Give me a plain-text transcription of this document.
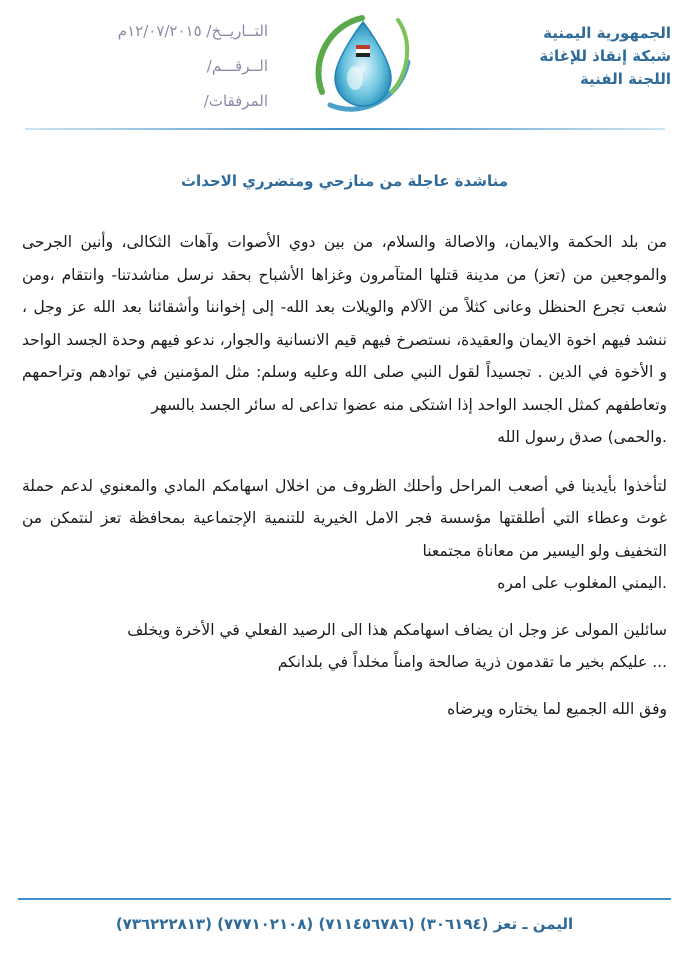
الجمهورية اليمنية
شبكة إنقاذ للإغاثة
اللجنة الفنية
التــاريــخ/ ١٢/٠٧/٢٠١٥م
الــرقـــم/
المرفقات/
مناشدة عاجلة من منازحي ومتضرري الاحداث

من بلد الحكمة والايمان، والاصالة والسلام، من بين دوي الأصوات وآهات الثكالى، وأنين الجرحى والموجعين من (تعز) من مدينة قتلها المتآمرون وغزاها الأشباح بحقد نرسل مناشدتنا- وانتقام ،ومن شعب تجرع الحنظل وعانى كثلاً من الآلام والويلات بعد الله- إلى إخواننا وأشقائنا بعد الله عز وجل ، ننشد فيهم اخوة الايمان والعقيدة، نستصرخ فيهم قيم الانسانية والجوار، ندعو فيهم وحدة الجسد الواحد و الأخوة في الدين . تجسيداً لقول النبي صلى الله وعليه وسلم: مثل المؤمنين في توادهم وتراحمهم وتعاطفهم كمثل الجسد الواحد إذا اشتكى منه عضوا تداعى له سائر الجسد بالسهر

.والحمى) صدق رسول الله

لتأخذوا بأيدينا في أصعب المراحل وأحلك الظروف من اخلال اسهامكم المادي والمعنوي لدعم حملة غوث وعطاء التي أطلقتها مؤسسة فجر الامل الخيرية للتنمية الإجتماعية بمحافظة تعز لنتمكن من التخفيف ولو اليسير من معاناة مجتمعنا

.اليمني المغلوب على امره

سائلين المولى عز وجل ان يضاف اسهامكم هذا الى الرصيد الفعلي في الأخرة ويخلف

... عليكم بخير ما تقدمون ذرية صالحة وامناً مخلداً في بلدانكم

وفق الله الجميع لما يختاره ويرضاه

اليمن ـ تعز (٣٠٦١٩٤) (٧١١٤٥٦٧٨٦) (٧٧٧١٠٢١٠٨) (٧٣٦٢٢٢٨١٣)
